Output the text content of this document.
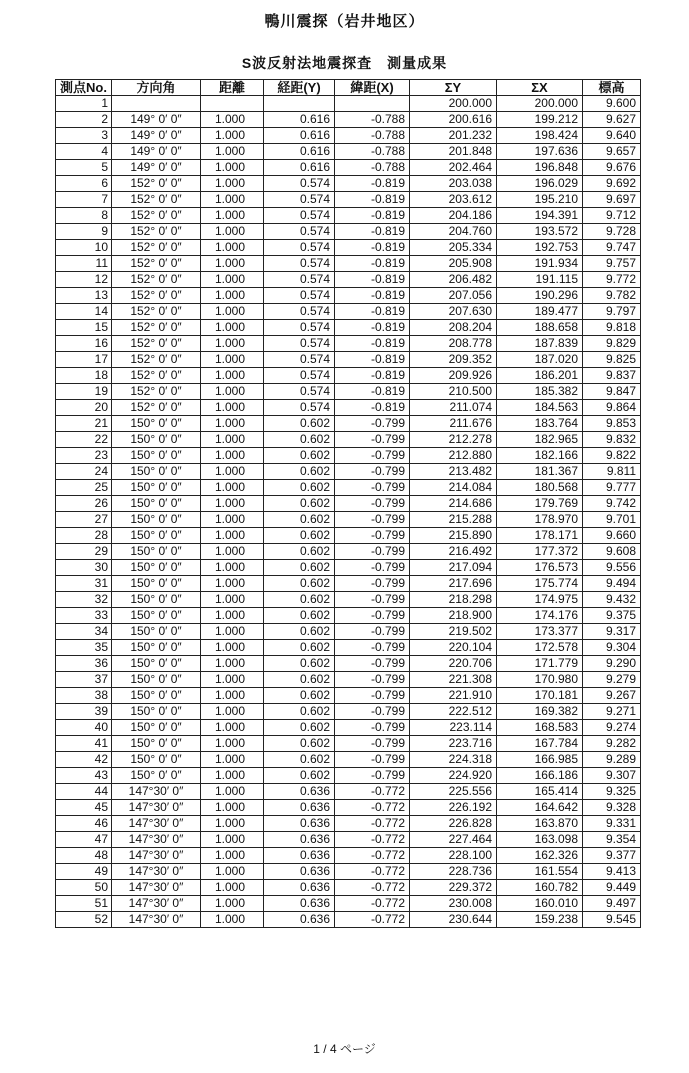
鴨川震探（岩井地区）
S波反射法地震探査　測量成果
測点No.	方向角	距離	経距(Y)	緯距(X)	ΣY	ΣX	標高
1					200.000	200.000	9.600
2	149° 0′ 0″	1.000	0.616	-0.788	200.616	199.212	9.627
3	149° 0′ 0″	1.000	0.616	-0.788	201.232	198.424	9.640
4	149° 0′ 0″	1.000	0.616	-0.788	201.848	197.636	9.657
5	149° 0′ 0″	1.000	0.616	-0.788	202.464	196.848	9.676
6	152° 0′ 0″	1.000	0.574	-0.819	203.038	196.029	9.692
7	152° 0′ 0″	1.000	0.574	-0.819	203.612	195.210	9.697
8	152° 0′ 0″	1.000	0.574	-0.819	204.186	194.391	9.712
9	152° 0′ 0″	1.000	0.574	-0.819	204.760	193.572	9.728
10	152° 0′ 0″	1.000	0.574	-0.819	205.334	192.753	9.747
11	152° 0′ 0″	1.000	0.574	-0.819	205.908	191.934	9.757
12	152° 0′ 0″	1.000	0.574	-0.819	206.482	191.115	9.772
13	152° 0′ 0″	1.000	0.574	-0.819	207.056	190.296	9.782
14	152° 0′ 0″	1.000	0.574	-0.819	207.630	189.477	9.797
15	152° 0′ 0″	1.000	0.574	-0.819	208.204	188.658	9.818
16	152° 0′ 0″	1.000	0.574	-0.819	208.778	187.839	9.829
17	152° 0′ 0″	1.000	0.574	-0.819	209.352	187.020	9.825
18	152° 0′ 0″	1.000	0.574	-0.819	209.926	186.201	9.837
19	152° 0′ 0″	1.000	0.574	-0.819	210.500	185.382	9.847
20	152° 0′ 0″	1.000	0.574	-0.819	211.074	184.563	9.864
21	150° 0′ 0″	1.000	0.602	-0.799	211.676	183.764	9.853
22	150° 0′ 0″	1.000	0.602	-0.799	212.278	182.965	9.832
23	150° 0′ 0″	1.000	0.602	-0.799	212.880	182.166	9.822
24	150° 0′ 0″	1.000	0.602	-0.799	213.482	181.367	9.811
25	150° 0′ 0″	1.000	0.602	-0.799	214.084	180.568	9.777
26	150° 0′ 0″	1.000	0.602	-0.799	214.686	179.769	9.742
27	150° 0′ 0″	1.000	0.602	-0.799	215.288	178.970	9.701
28	150° 0′ 0″	1.000	0.602	-0.799	215.890	178.171	9.660
29	150° 0′ 0″	1.000	0.602	-0.799	216.492	177.372	9.608
30	150° 0′ 0″	1.000	0.602	-0.799	217.094	176.573	9.556
31	150° 0′ 0″	1.000	0.602	-0.799	217.696	175.774	9.494
32	150° 0′ 0″	1.000	0.602	-0.799	218.298	174.975	9.432
33	150° 0′ 0″	1.000	0.602	-0.799	218.900	174.176	9.375
34	150° 0′ 0″	1.000	0.602	-0.799	219.502	173.377	9.317
35	150° 0′ 0″	1.000	0.602	-0.799	220.104	172.578	9.304
36	150° 0′ 0″	1.000	0.602	-0.799	220.706	171.779	9.290
37	150° 0′ 0″	1.000	0.602	-0.799	221.308	170.980	9.279
38	150° 0′ 0″	1.000	0.602	-0.799	221.910	170.181	9.267
39	150° 0′ 0″	1.000	0.602	-0.799	222.512	169.382	9.271
40	150° 0′ 0″	1.000	0.602	-0.799	223.114	168.583	9.274
41	150° 0′ 0″	1.000	0.602	-0.799	223.716	167.784	9.282
42	150° 0′ 0″	1.000	0.602	-0.799	224.318	166.985	9.289
43	150° 0′ 0″	1.000	0.602	-0.799	224.920	166.186	9.307
44	147°30′ 0″	1.000	0.636	-0.772	225.556	165.414	9.325
45	147°30′ 0″	1.000	0.636	-0.772	226.192	164.642	9.328
46	147°30′ 0″	1.000	0.636	-0.772	226.828	163.870	9.331
47	147°30′ 0″	1.000	0.636	-0.772	227.464	163.098	9.354
48	147°30′ 0″	1.000	0.636	-0.772	228.100	162.326	9.377
49	147°30′ 0″	1.000	0.636	-0.772	228.736	161.554	9.413
50	147°30′ 0″	1.000	0.636	-0.772	229.372	160.782	9.449
51	147°30′ 0″	1.000	0.636	-0.772	230.008	160.010	9.497
52	147°30′ 0″	1.000	0.636	-0.772	230.644	159.238	9.545
1 / 4 ページ
